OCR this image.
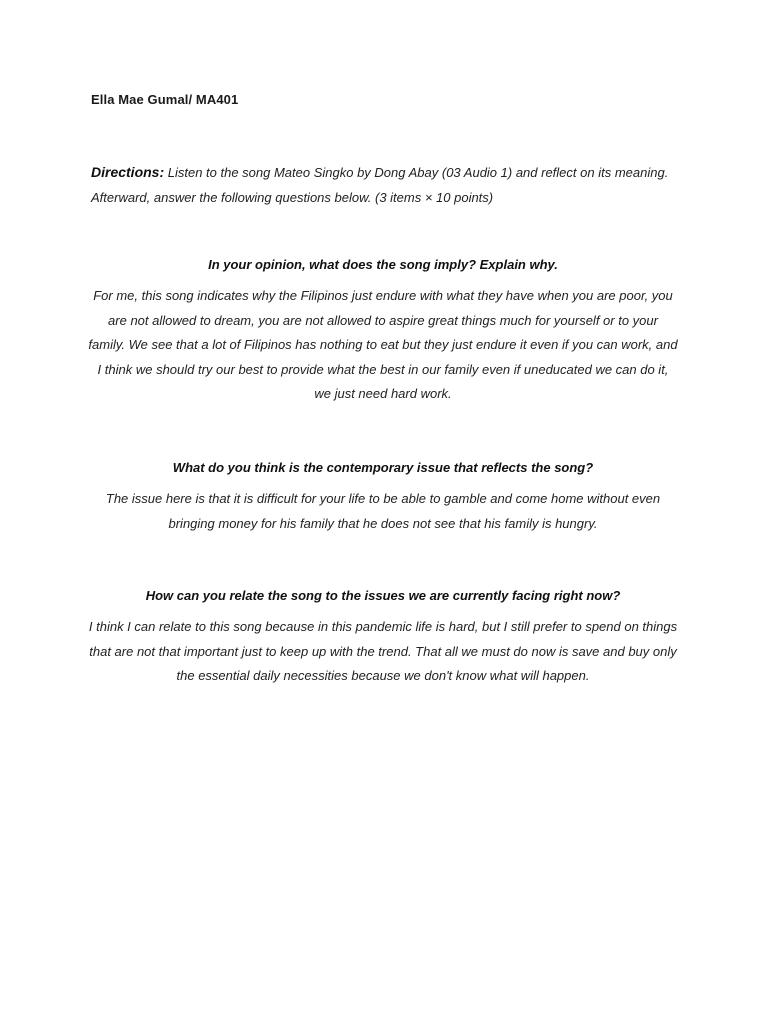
Ella Mae Gumal/ MA401
Directions: Listen to the song Mateo Singko by Dong Abay (03 Audio 1) and reflect on its meaning. Afterward, answer the following questions below. (3 items × 10 points)

In your opinion, what does the song imply? Explain why.

For me, this song indicates why the Filipinos just endure with what they have when you are poor, you are not allowed to dream, you are not allowed to aspire great things much for yourself or to your family. We see that a lot of Filipinos has nothing to eat but they just endure it even if you can work, and I think we should try our best to provide what the best in our family even if uneducated we can do it, we just need hard work.

What do you think is the contemporary issue that reflects the song?

The issue here is that it is difficult for your life to be able to gamble and come home without even bringing money for his family that he does not see that his family is hungry.

How can you relate the song to the issues we are currently facing right now?

I think I can relate to this song because in this pandemic life is hard, but I still prefer to spend on things that are not that important just to keep up with the trend. That all we must do now is save and buy only the essential daily necessities because we don't know what will happen.
